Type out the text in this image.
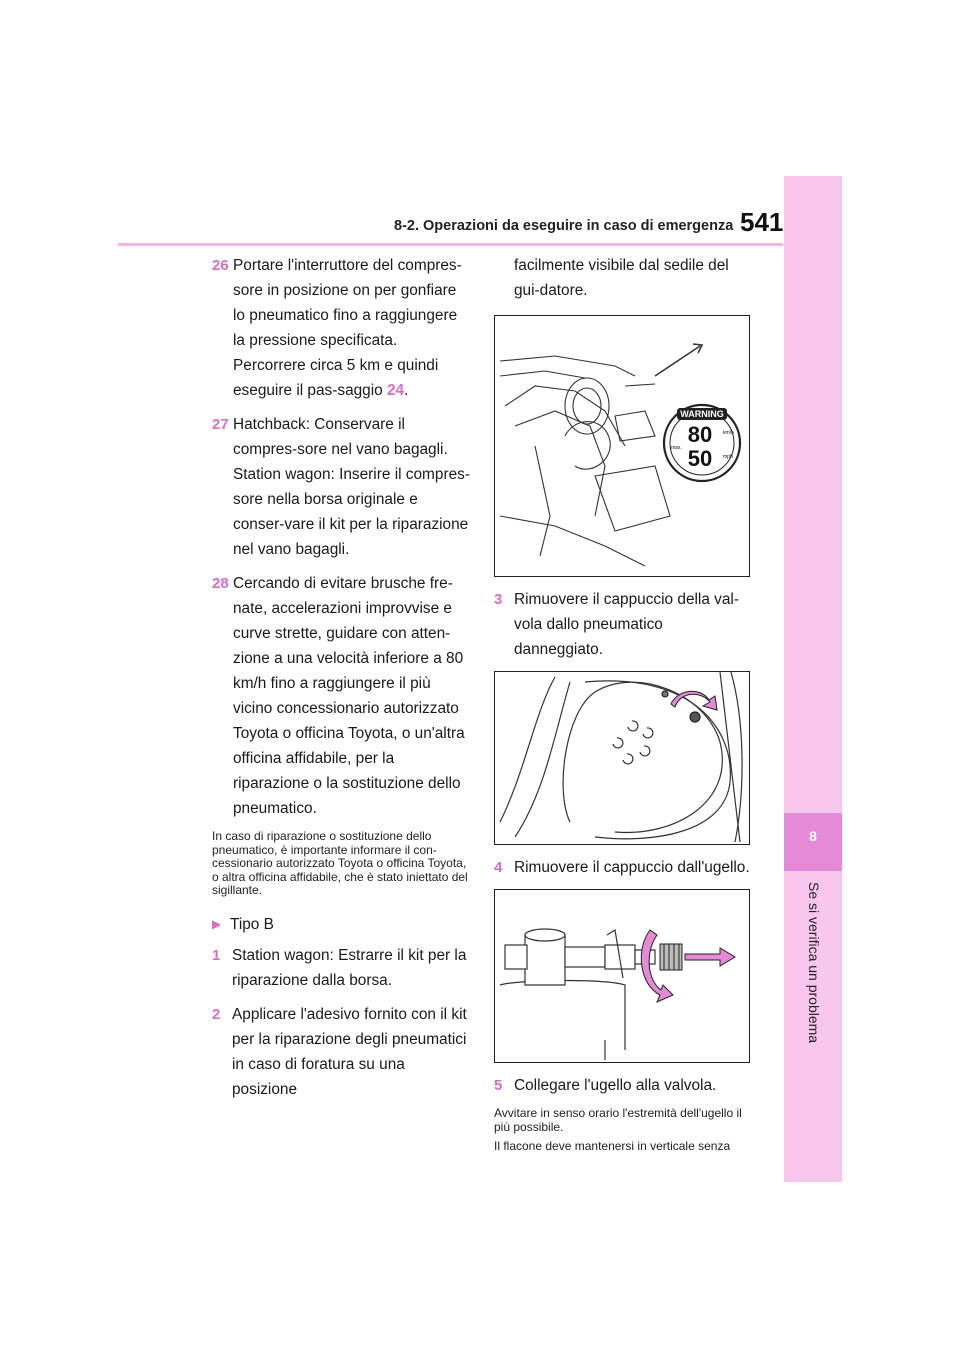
8-2. Operazioni da eseguire in caso di emergenza 541
8
Se si verifica un problema
26 Portare l'interruttore del compres-sore in posizione on per gonfiare lo pneumatico fino a raggiungere la pressione specificata. Percorrere circa 5 km e quindi eseguire il pas-saggio 24.
27 Hatchback: Conservare il compres-sore nel vano bagagli.
Station wagon: Inserire il compres-sore nella borsa originale e conser-vare il kit per la riparazione nel vano bagagli.
28 Cercando di evitare brusche fre-nate, accelerazioni improvvise e curve strette, guidare con atten-zione a una velocità inferiore a 80 km/h fino a raggiungere il più vicino concessionario autorizzato Toyota o officina Toyota, o un'altra officina affidabile, per la riparazione o la sostituzione dello pneumatico.
In caso di riparazione o sostituzione dello pneumatico, è importante informare il con-cessionario autorizzato Toyota o officina Toyota, o altra officina affidabile, che è stato iniettato del sigillante.
▶ Tipo B
1 Station wagon: Estrarre il kit per la riparazione dalla borsa.
2 Applicare l'adesivo fornito con il kit per la riparazione degli pneumatici in caso di foratura su una posizione
facilmente visibile dal sedile del gui-datore.
WARNING
80 km/h
50 mph
max.
3 Rimuovere il cappuccio della val-vola dallo pneumatico danneggiato.
4 Rimuovere il cappuccio dall'ugello.
5 Collegare l'ugello alla valvola.
Avvitare in senso orario l'estremità dell'ugello il più possibile.
Il flacone deve mantenersi in verticale senza
